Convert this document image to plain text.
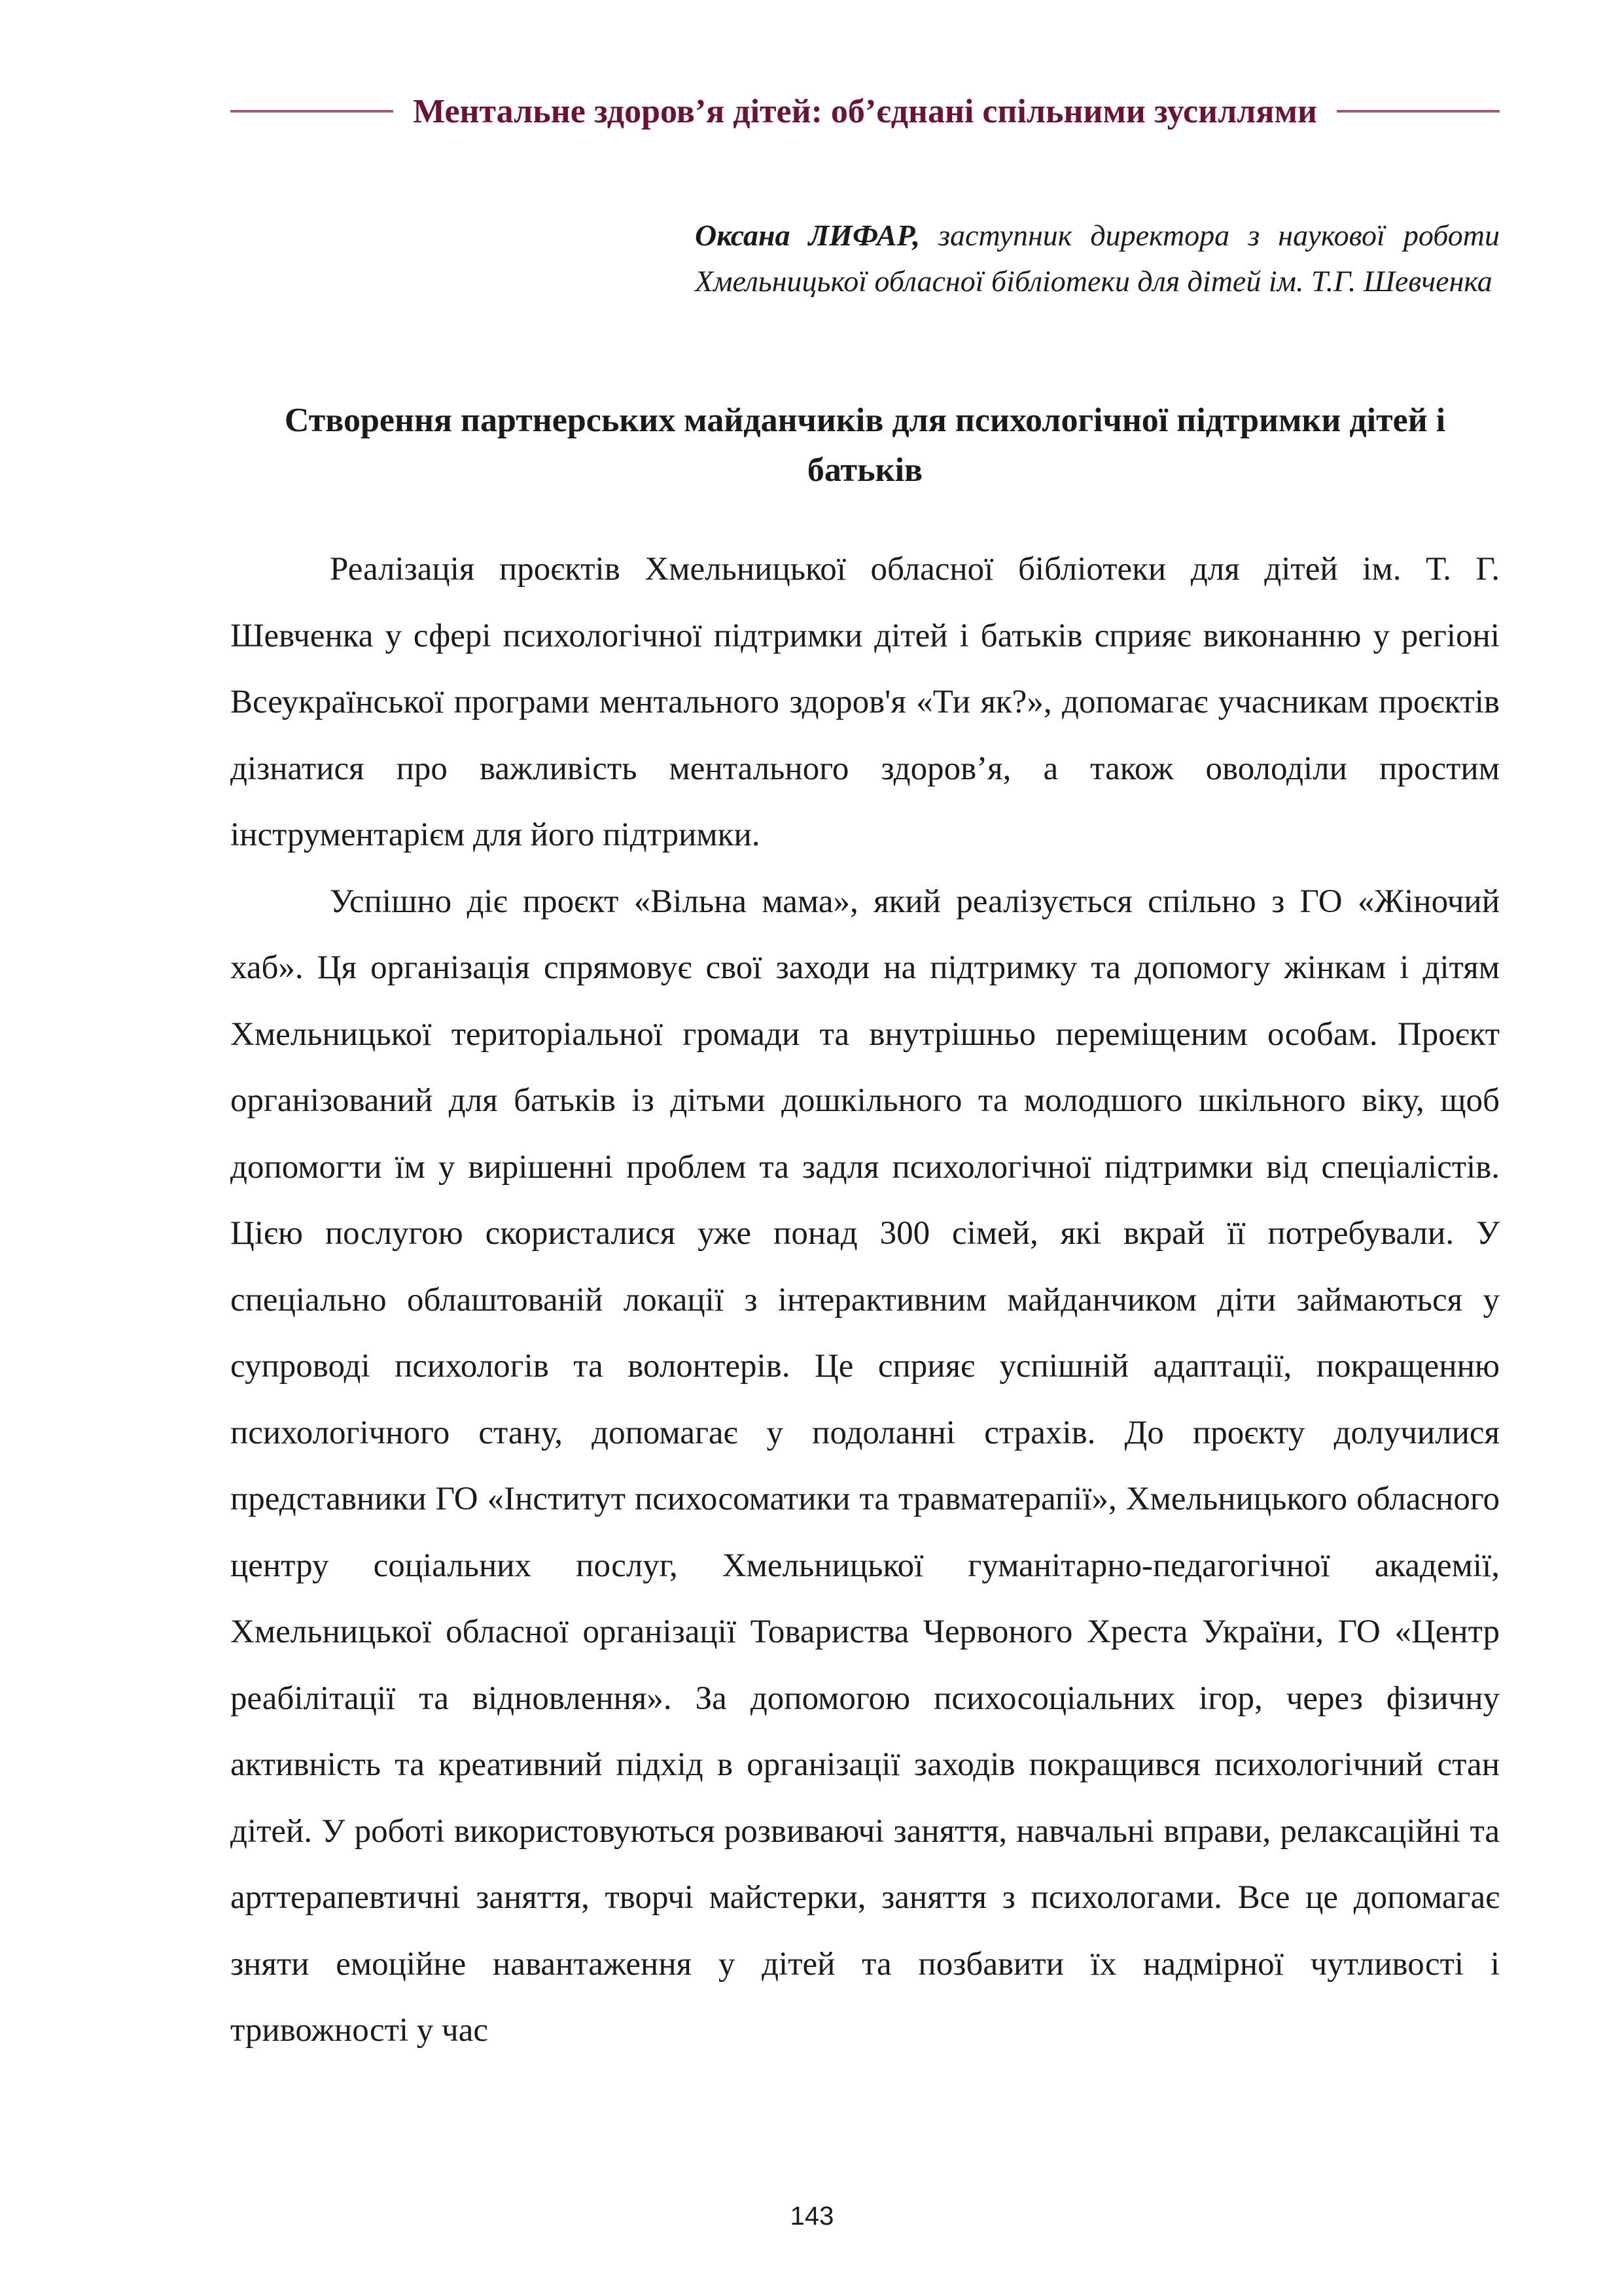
Ментальне здоров’я дітей: об’єднані спільними зусиллями
Оксана ЛИФАР, заступник директора з наукової роботи Хмельницької обласної бібліотеки для дітей ім. Т.Г. Шевченка
Створення партнерських майданчиків для психологічної підтримки дітей і батьків

Реалізація проєктів Хмельницької обласної бібліотеки для дітей ім. Т. Г. Шевченка у сфері психологічної підтримки дітей і батьків сприяє виконанню у регіоні Всеукраїнської програми ментального здоров'я «Ти як?», допомагає учасникам проєктів дізнатися про важливість ментального здоров’я, а також оволоділи простим інструментарієм для його підтримки.

Успішно діє проєкт «Вільна мама», який реалізується спільно з ГО «Жіночий хаб». Ця організація спрямовує свої заходи на підтримку та допомогу жінкам і дітям Хмельницької територіальної громади та внутрішньо переміщеним особам. Проєкт організований для батьків із дітьми дошкільного та молодшого шкільного віку, щоб допомогти їм у вирішенні проблем та задля психологічної підтримки від спеціалістів. Цією послугою скористалися уже понад 300 сімей, які вкрай її потребували. У спеціально облаштованій локації з інтерактивним майданчиком діти займаються у супроводі психологів та волонтерів. Це сприяє успішній адаптації, покращенню психологічного стану, допомагає у подоланні страхів. До проєкту долучилися представники ГО «Інститут психосоматики та травматерапії», Хмельницького обласного центру соціальних послуг, Хмельницької гуманітарно-педагогічної академії, Хмельницької обласної організації Товариства Червоного Хреста України, ГО «Центр реабілітації та відновлення». За допомогою психосоціальних ігор, через фізичну активність та креативний підхід в організації заходів покращився психологічний стан дітей. У роботі використовуються розвиваючі заняття, навчальні вправи, релаксаційні та арттерапевтичні заняття, творчі майстерки, заняття з психологами. Все це допомагає зняти емоційне навантаження у дітей та позбавити їх надмірної чутливості і тривожності у час

143
